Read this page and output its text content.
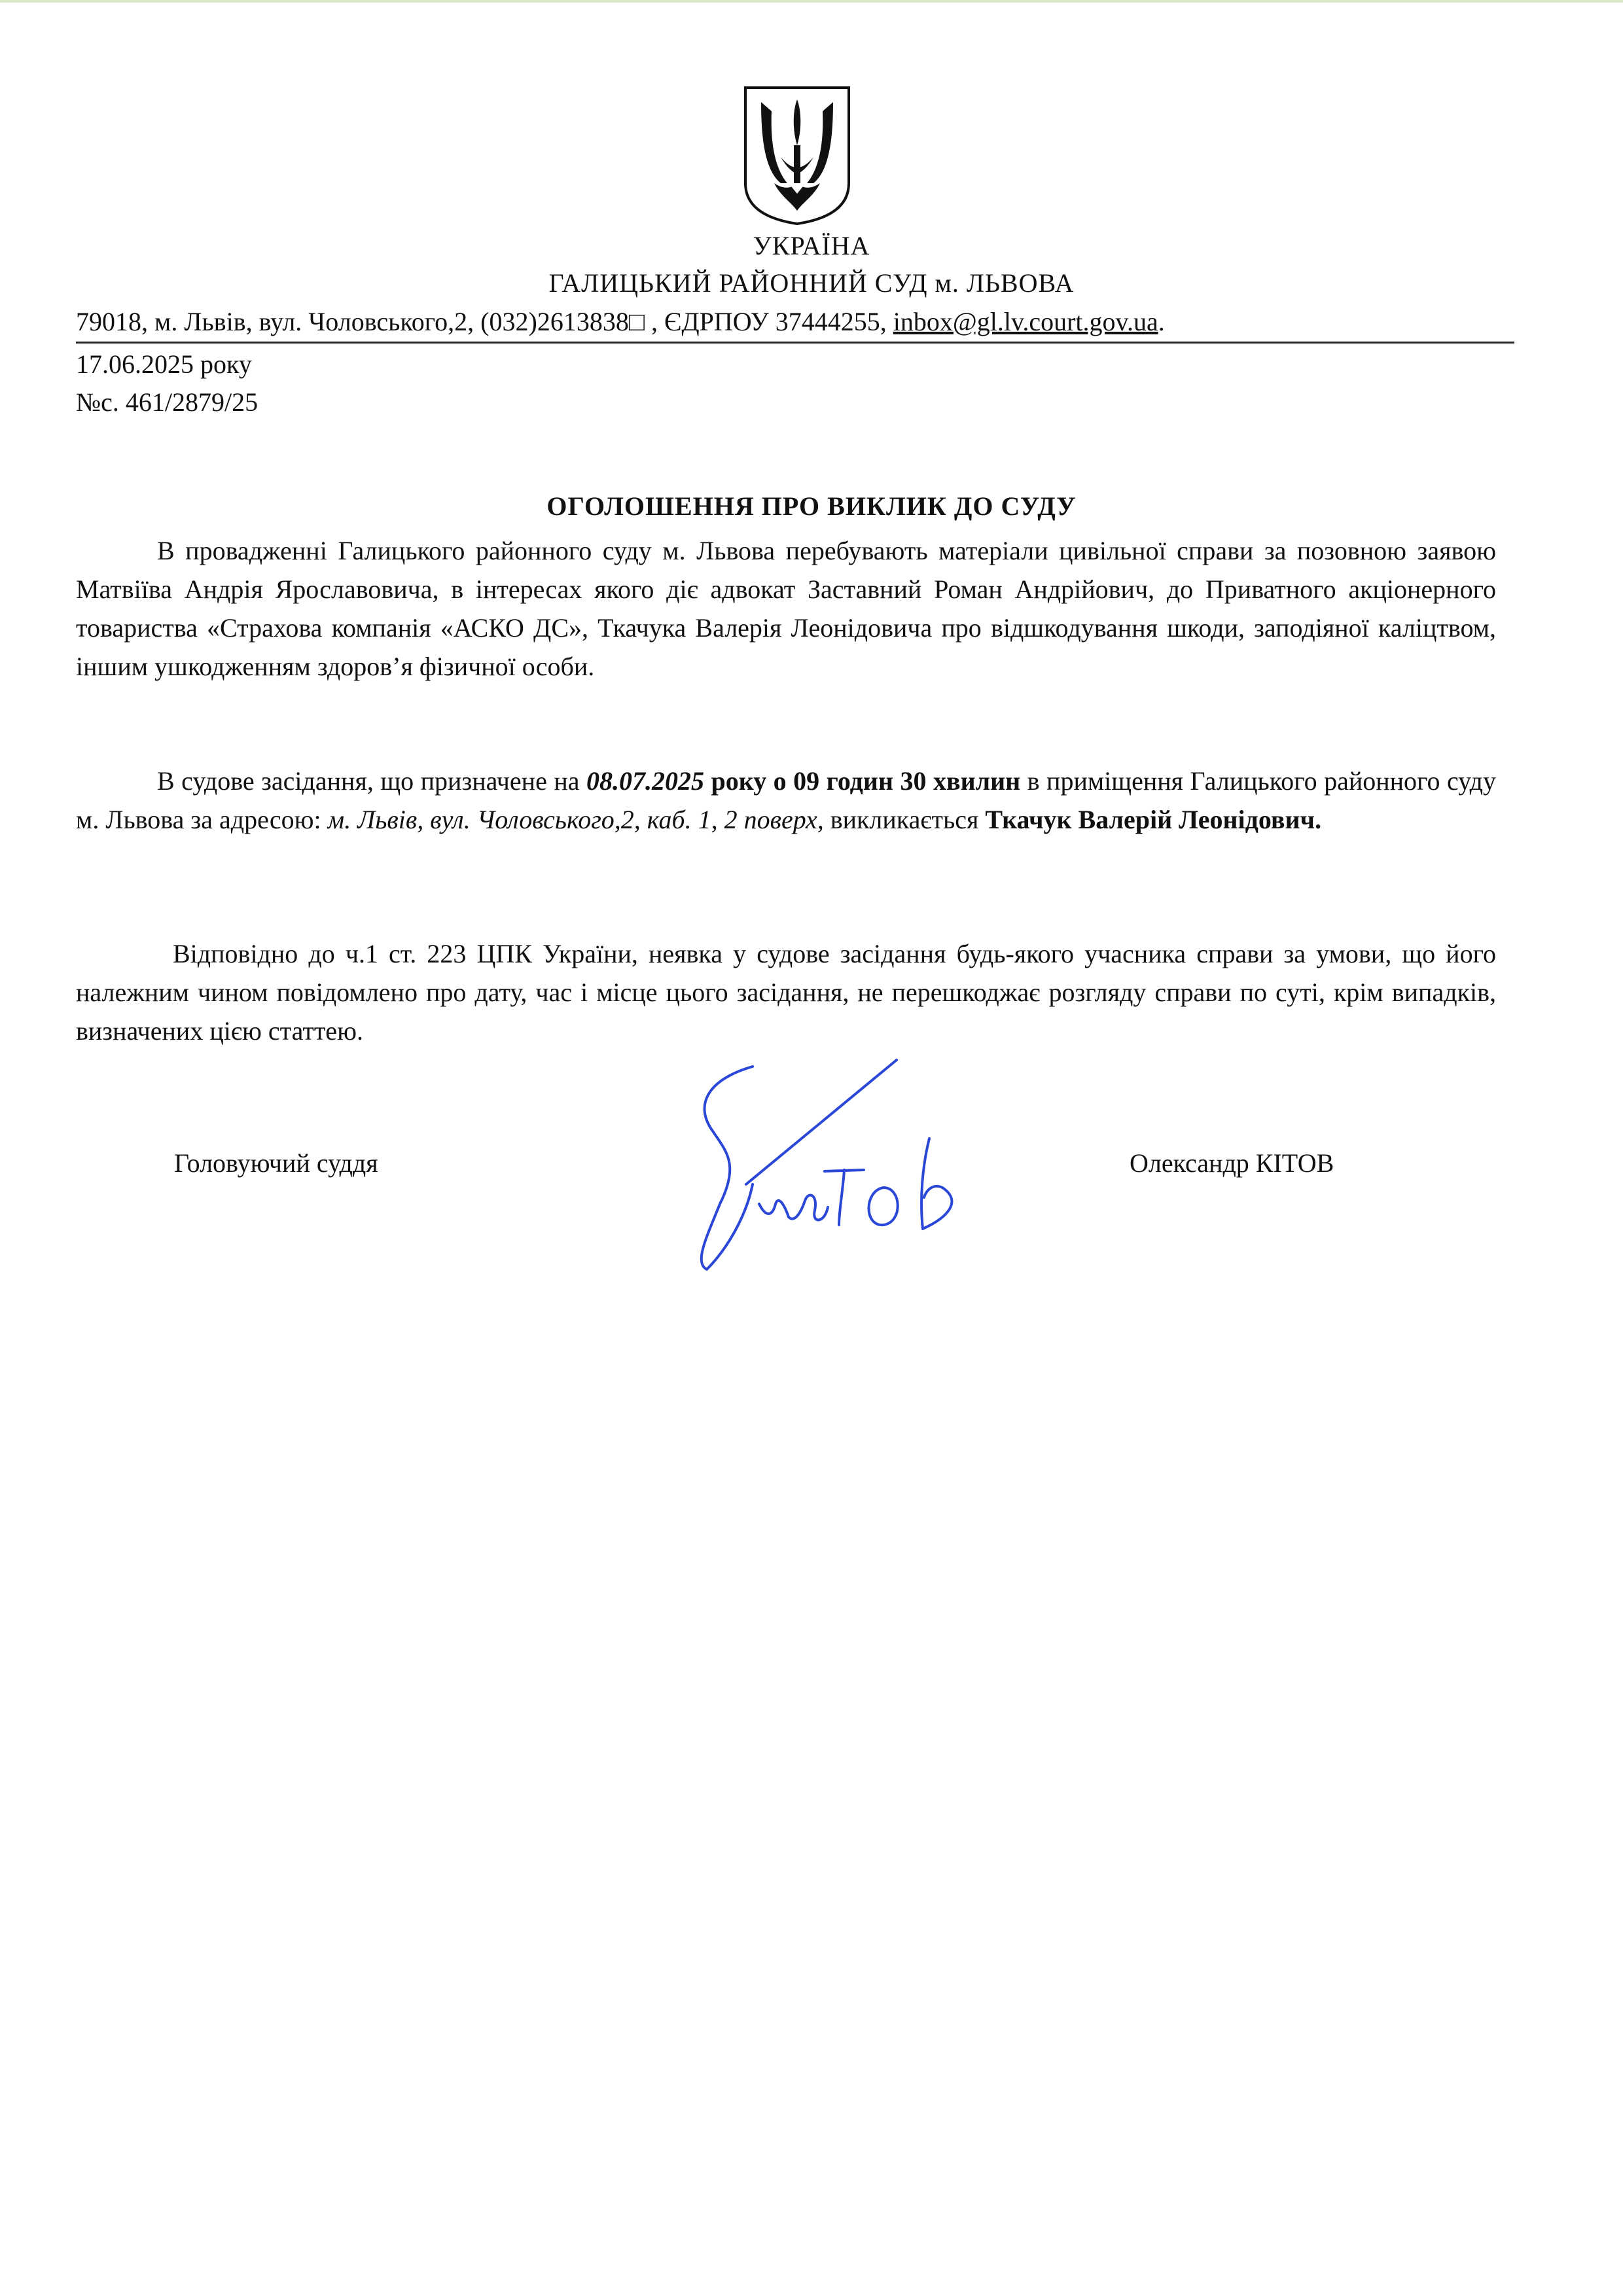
УКРАЇНА
ГАЛИЦЬКИЙ РАЙОННИЙ СУД м. ЛЬВОВА
79018, м. Львів, вул. Чоловського,2, (032)2613838□ , ЄДРПОУ 37444255, inbox@gl.lv.court.gov.ua.
17.06.2025 року
№с. 461/2879/25
ОГОЛОШЕННЯ ПРО ВИКЛИК ДО СУДУ
В провадженні Галицького районного суду м. Львова перебувають матеріали цивільної справи за позовною заявою Матвіїва Андрія Ярославовича, в інтересах якого діє адвокат Заставний Роман Андрійович, до Приватного акціонерного товариства «Страхова компанія «АСКО ДС», Ткачука Валерія Леонідовича про відшкодування шкоди, заподіяної каліцтвом, іншим ушкодженням здоров’я фізичної особи.
В судове засідання, що призначене на 08.07.2025 року о 09 годин 30 хвилин в приміщення Галицького районного суду м. Львова за адресою: м. Львів, вул. Чоловського,2, каб. 1, 2 поверх, викликається Ткачук Валерій Леонідович.
Відповідно до ч.1 ст. 223 ЦПК України, неявка у судове засідання будь-якого учасника справи за умови, що його належним чином повідомлено про дату, час і місце цього засідання, не перешкоджає розгляду справи по суті, крім випадків, визначених цією статтею.
Головуючий суддя	Олександр КІТОВ
